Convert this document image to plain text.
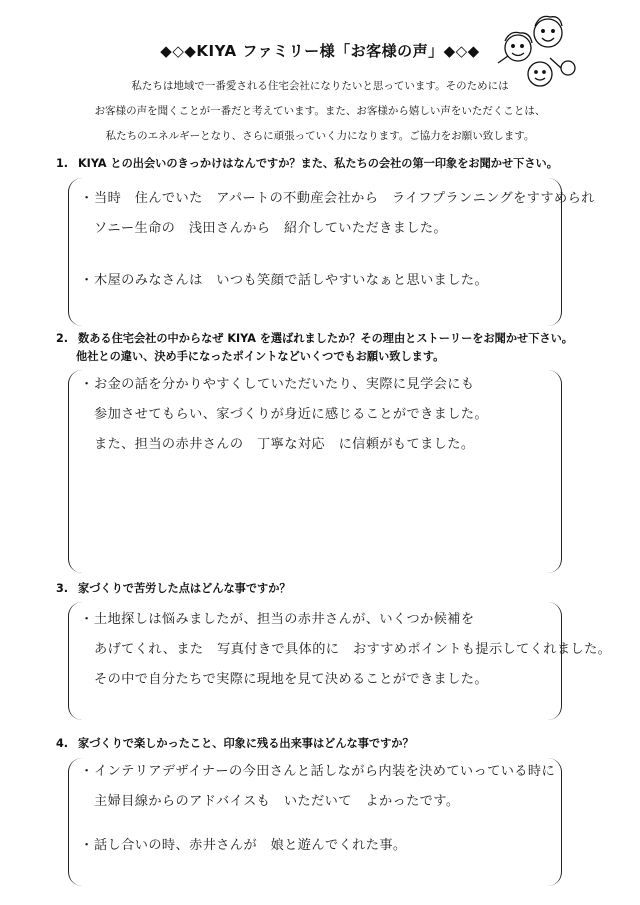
◆◇◆KIYA ファミリー様「お客様の声」◆◇◆
私たちは地域で一番愛される住宅会社になりたいと思っています。そのためには
お客様の声を聞くことが一番だと考えています。また、お客様から嬉しい声をいただくことは、
私たちのエネルギーとなり、さらに頑張っていく力になります。ご協力をお願い致します。
1. KIYA との出会いのきっかけはなんですか？また、私たちの会社の第一印象をお聞かせ下さい。
・当時　住んでいた　アパートの不動産会社から　ライフプランニングをすすめられ
ソニー生命の　浅田さんから　紹介していただきました。
・木屋のみなさんは　いつも笑顔で話しやすいなぁと思いました。
2. 数ある住宅会社の中からなぜ KIYA を選ばれましたか？その理由とストーリーをお聞かせ下さい。
他社との違い、決め手になったポイントなどいくつでもお願い致します。
・お金の話を分かりやすくしていただいたり、実際に見学会にも
参加させてもらい、家づくりが身近に感じることができました。
また、担当の赤井さんの　丁寧な対応　に信頼がもてました。
3. 家づくりで苦労した点はどんな事ですか？
・土地探しは悩みましたが、担当の赤井さんが、いくつか候補を
あげてくれ、また　写真付きで具体的に　おすすめポイントも提示してくれました。
その中で自分たちで実際に現地を見て決めることができました。
4. 家づくりで楽しかったこと、印象に残る出来事はどんな事ですか？
・インテリアデザイナーの今田さんと話しながら内装を決めていっている時に
主婦目線からのアドバイスも　いただいて　よかったです。
・話し合いの時、赤井さんが　娘と遊んでくれた事。
